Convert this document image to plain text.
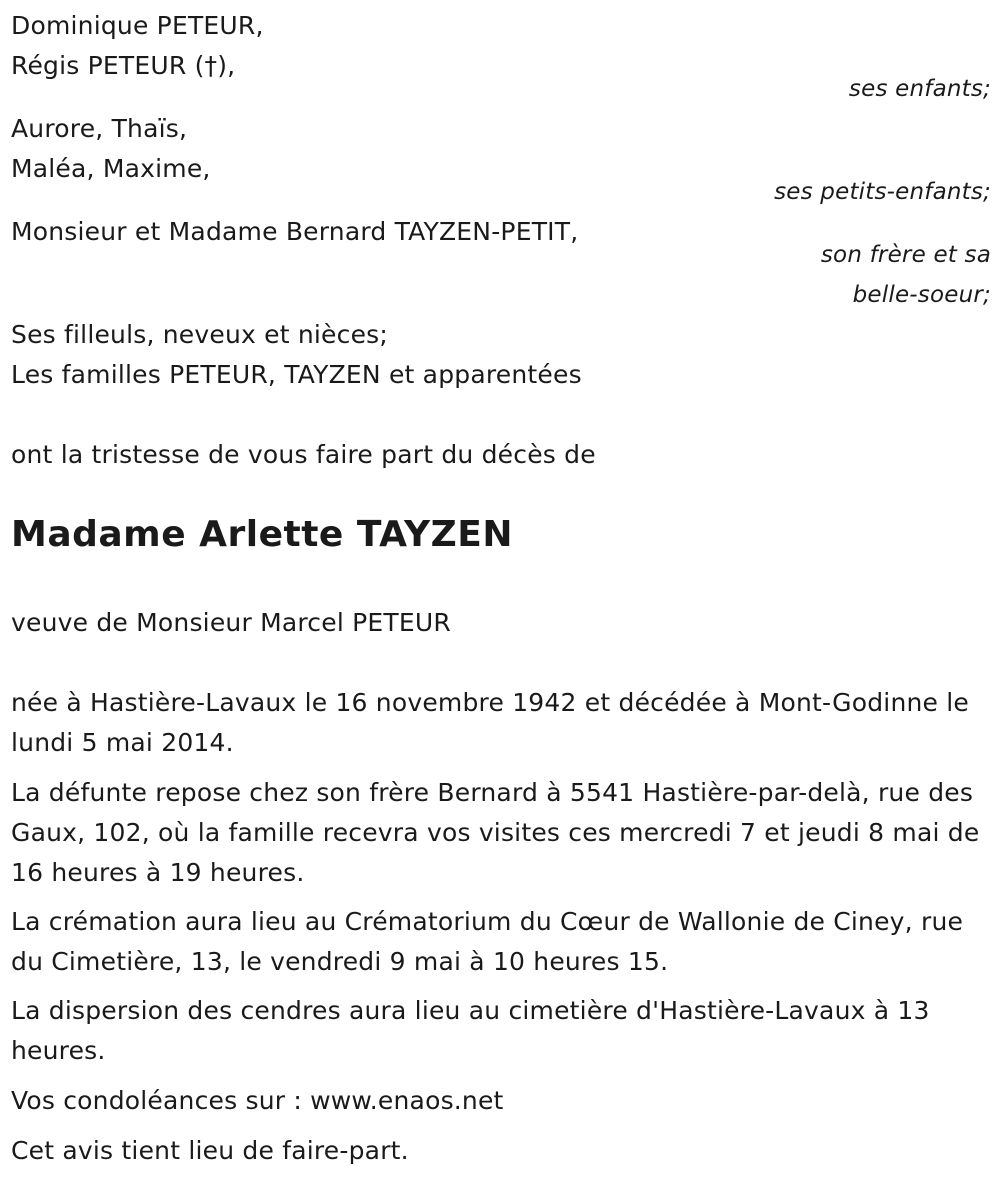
Dominique PETEUR,
Régis PETEUR (†),
ses enfants;
Aurore, Thaïs,
Maléa, Maxime,
ses petits-enfants;
Monsieur et Madame Bernard TAYZEN-PETIT,
son frère et sa
belle-soeur;
Ses filleuls, neveux et nièces;
Les familles PETEUR, TAYZEN et apparentées
ont la tristesse de vous faire part du décès de
Madame Arlette TAYZEN
veuve de Monsieur Marcel PETEUR
née à Hastière-Lavaux le 16 novembre 1942 et décédée à Mont-Godinne le lundi 5 mai 2014.
La défunte repose chez son frère Bernard à 5541 Hastière-par-delà, rue des Gaux, 102, où la famille recevra vos visites ces mercredi 7 et jeudi 8 mai de 16 heures à 19 heures.
La crémation aura lieu au Crématorium du Cœur de Wallonie de Ciney, rue du Cimetière, 13, le vendredi 9 mai à 10 heures 15.
La dispersion des cendres aura lieu au cimetière d'Hastière-Lavaux à 13 heures.
Vos condoléances sur : www.enaos.net
Cet avis tient lieu de faire-part.
